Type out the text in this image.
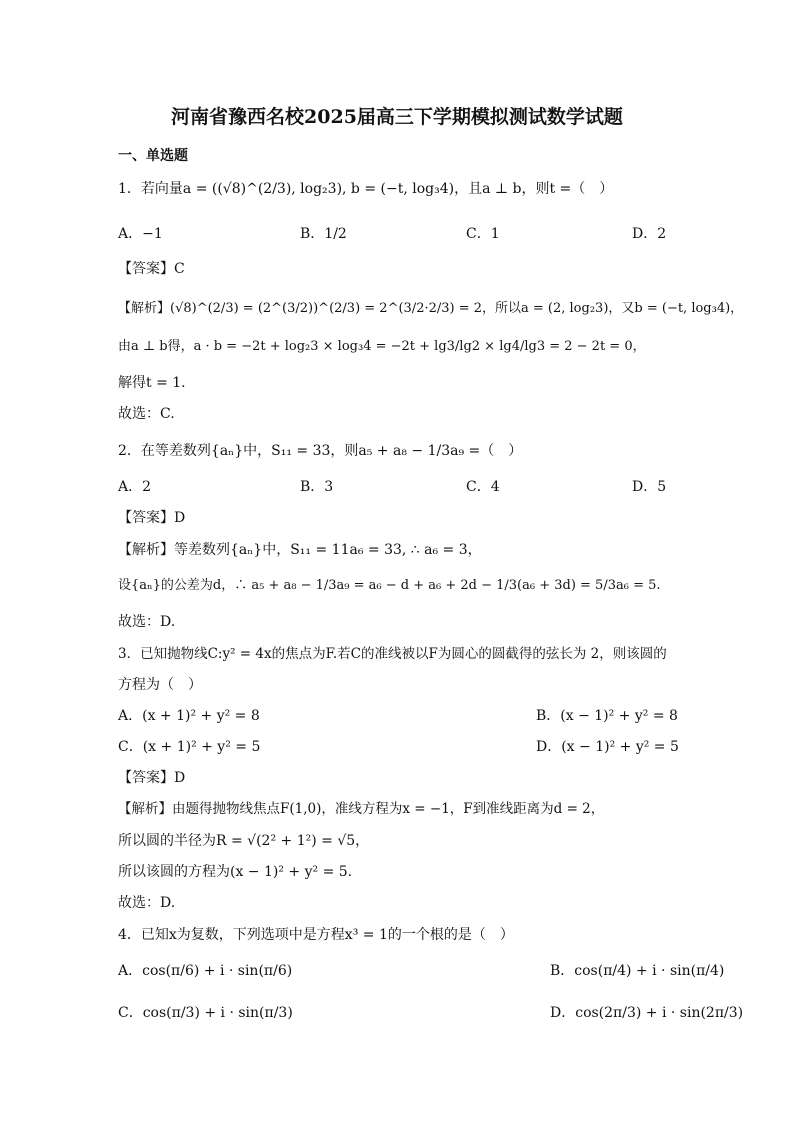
河南省豫西名校2025届高三下学期模拟测试数学试题
一、单选题
1．若向量a = ((√8)^(2/3), log₂3), b = (−t, log₃4)，且a ⊥ b，则t =（　）
A．−1	B．1/2	C．1	D．2
【答案】C
【解析】(√8)^(2/3) = (2^(3/2))^(2/3) = 2^(3/2·2/3) = 2，所以a = (2, log₂3)，又b = (−t, log₃4)，
由a ⊥ b得，a · b = −2t + log₂3 × log₃4 = −2t + lg3/lg2 × lg4/lg3 = 2 − 2t = 0，
解得t = 1.
故选：C.
2．在等差数列{aₙ}中，S₁₁ = 33，则a₅ + a₈ − 1/3a₉ =（　）
A．2	B．3	C．4	D．5
【答案】D
【解析】等差数列{aₙ}中，S₁₁ = 11a₆ = 33, ∴ a₆ = 3，
设{aₙ}的公差为d，∴ a₅ + a₈ − 1/3a₉ = a₆ − d + a₆ + 2d − 1/3(a₆ + 3d) = 5/3a₆ = 5.
故选：D.
3．已知抛物线C:y² = 4x的焦点为F.若C的准线被以F为圆心的圆截得的弦长为 2，则该圆的
方程为（　）
A．(x + 1)² + y² = 8	B．(x − 1)² + y² = 8
C．(x + 1)² + y² = 5	D．(x − 1)² + y² = 5
【答案】D
【解析】由题得抛物线焦点F(1,0)，准线方程为x = −1，F到准线距离为d = 2，
所以圆的半径为R = √(2² + 1²) = √5，
所以该圆的方程为(x − 1)² + y² = 5.
故选：D.
4．已知x为复数，下列选项中是方程x³ = 1的一个根的是（　）
A．cos(π/6) + i · sin(π/6)	B．cos(π/4) + i · sin(π/4)
C．cos(π/3) + i · sin(π/3)	D．cos(2π/3) + i · sin(2π/3)
